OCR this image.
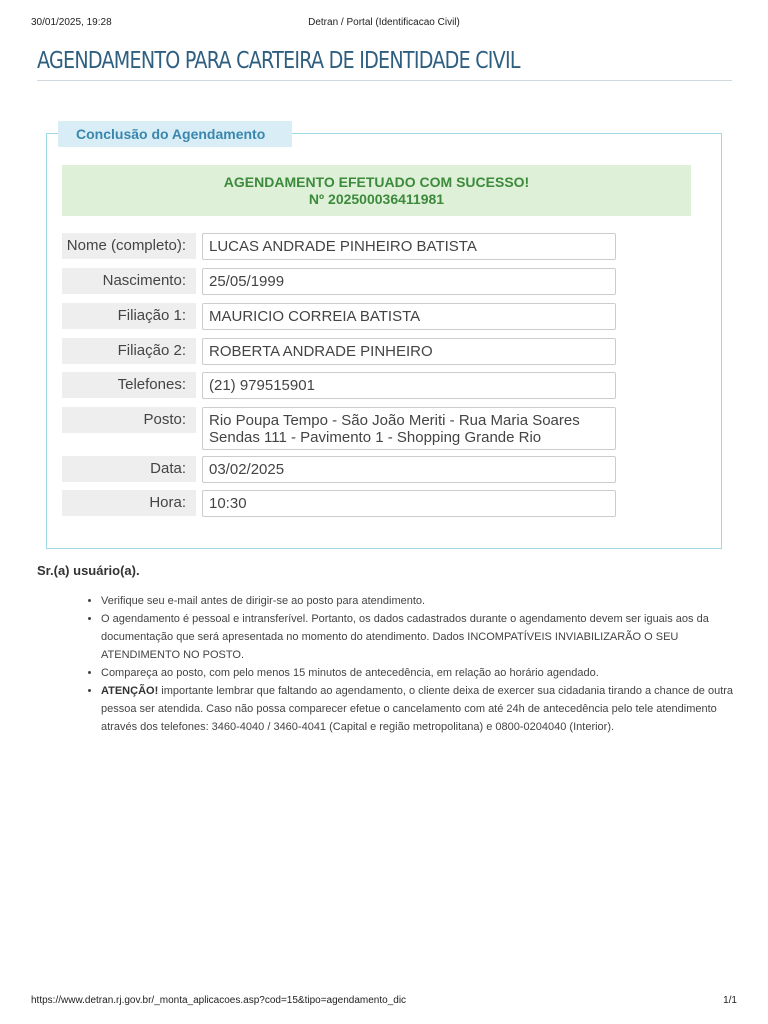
30/01/2025, 19:28	Detran / Portal (Identificacao Civil)
AGENDAMENTO PARA CARTEIRA DE IDENTIDADE CIVIL
Conclusão do Agendamento
AGENDAMENTO EFETUADO COM SUCESSO!
Nº 202500036411981
Nome (completo):	LUCAS ANDRADE PINHEIRO BATISTA
Nascimento:	25/05/1999
Filiação 1:	MAURICIO CORREIA BATISTA
Filiação 2:	ROBERTA ANDRADE PINHEIRO
Telefones:	(21) 979515901
Posto:	Rio Poupa Tempo - São João Meriti - Rua Maria Soares Sendas 111 - Pavimento 1 - Shopping Grande Rio
Data:	03/02/2025
Hora:	10:30

Sr.(a) usuário(a).

• Verifique seu e-mail antes de dirigir-se ao posto para atendimento.
• O agendamento é pessoal e intransferível. Portanto, os dados cadastrados durante o agendamento devem ser iguais aos da documentação que será apresentada no momento do atendimento. Dados INCOMPATÍVEIS INVIABILIZARÃO O SEU ATENDIMENTO NO POSTO.
• Compareça ao posto, com pelo menos 15 minutos de antecedência, em relação ao horário agendado.
• ATENÇÃO! importante lembrar que faltando ao agendamento, o cliente deixa de exercer sua cidadania tirando a chance de outra pessoa ser atendida. Caso não possa comparecer efetue o cancelamento com até 24h de antecedência pelo tele atendimento através dos telefones: 3460-4040 / 3460-4041 (Capital e região metropolitana) e 0800-0204040 (Interior).
https://www.detran.rj.gov.br/_monta_aplicacoes.asp?cod=15&tipo=agendamento_dic	1/1
